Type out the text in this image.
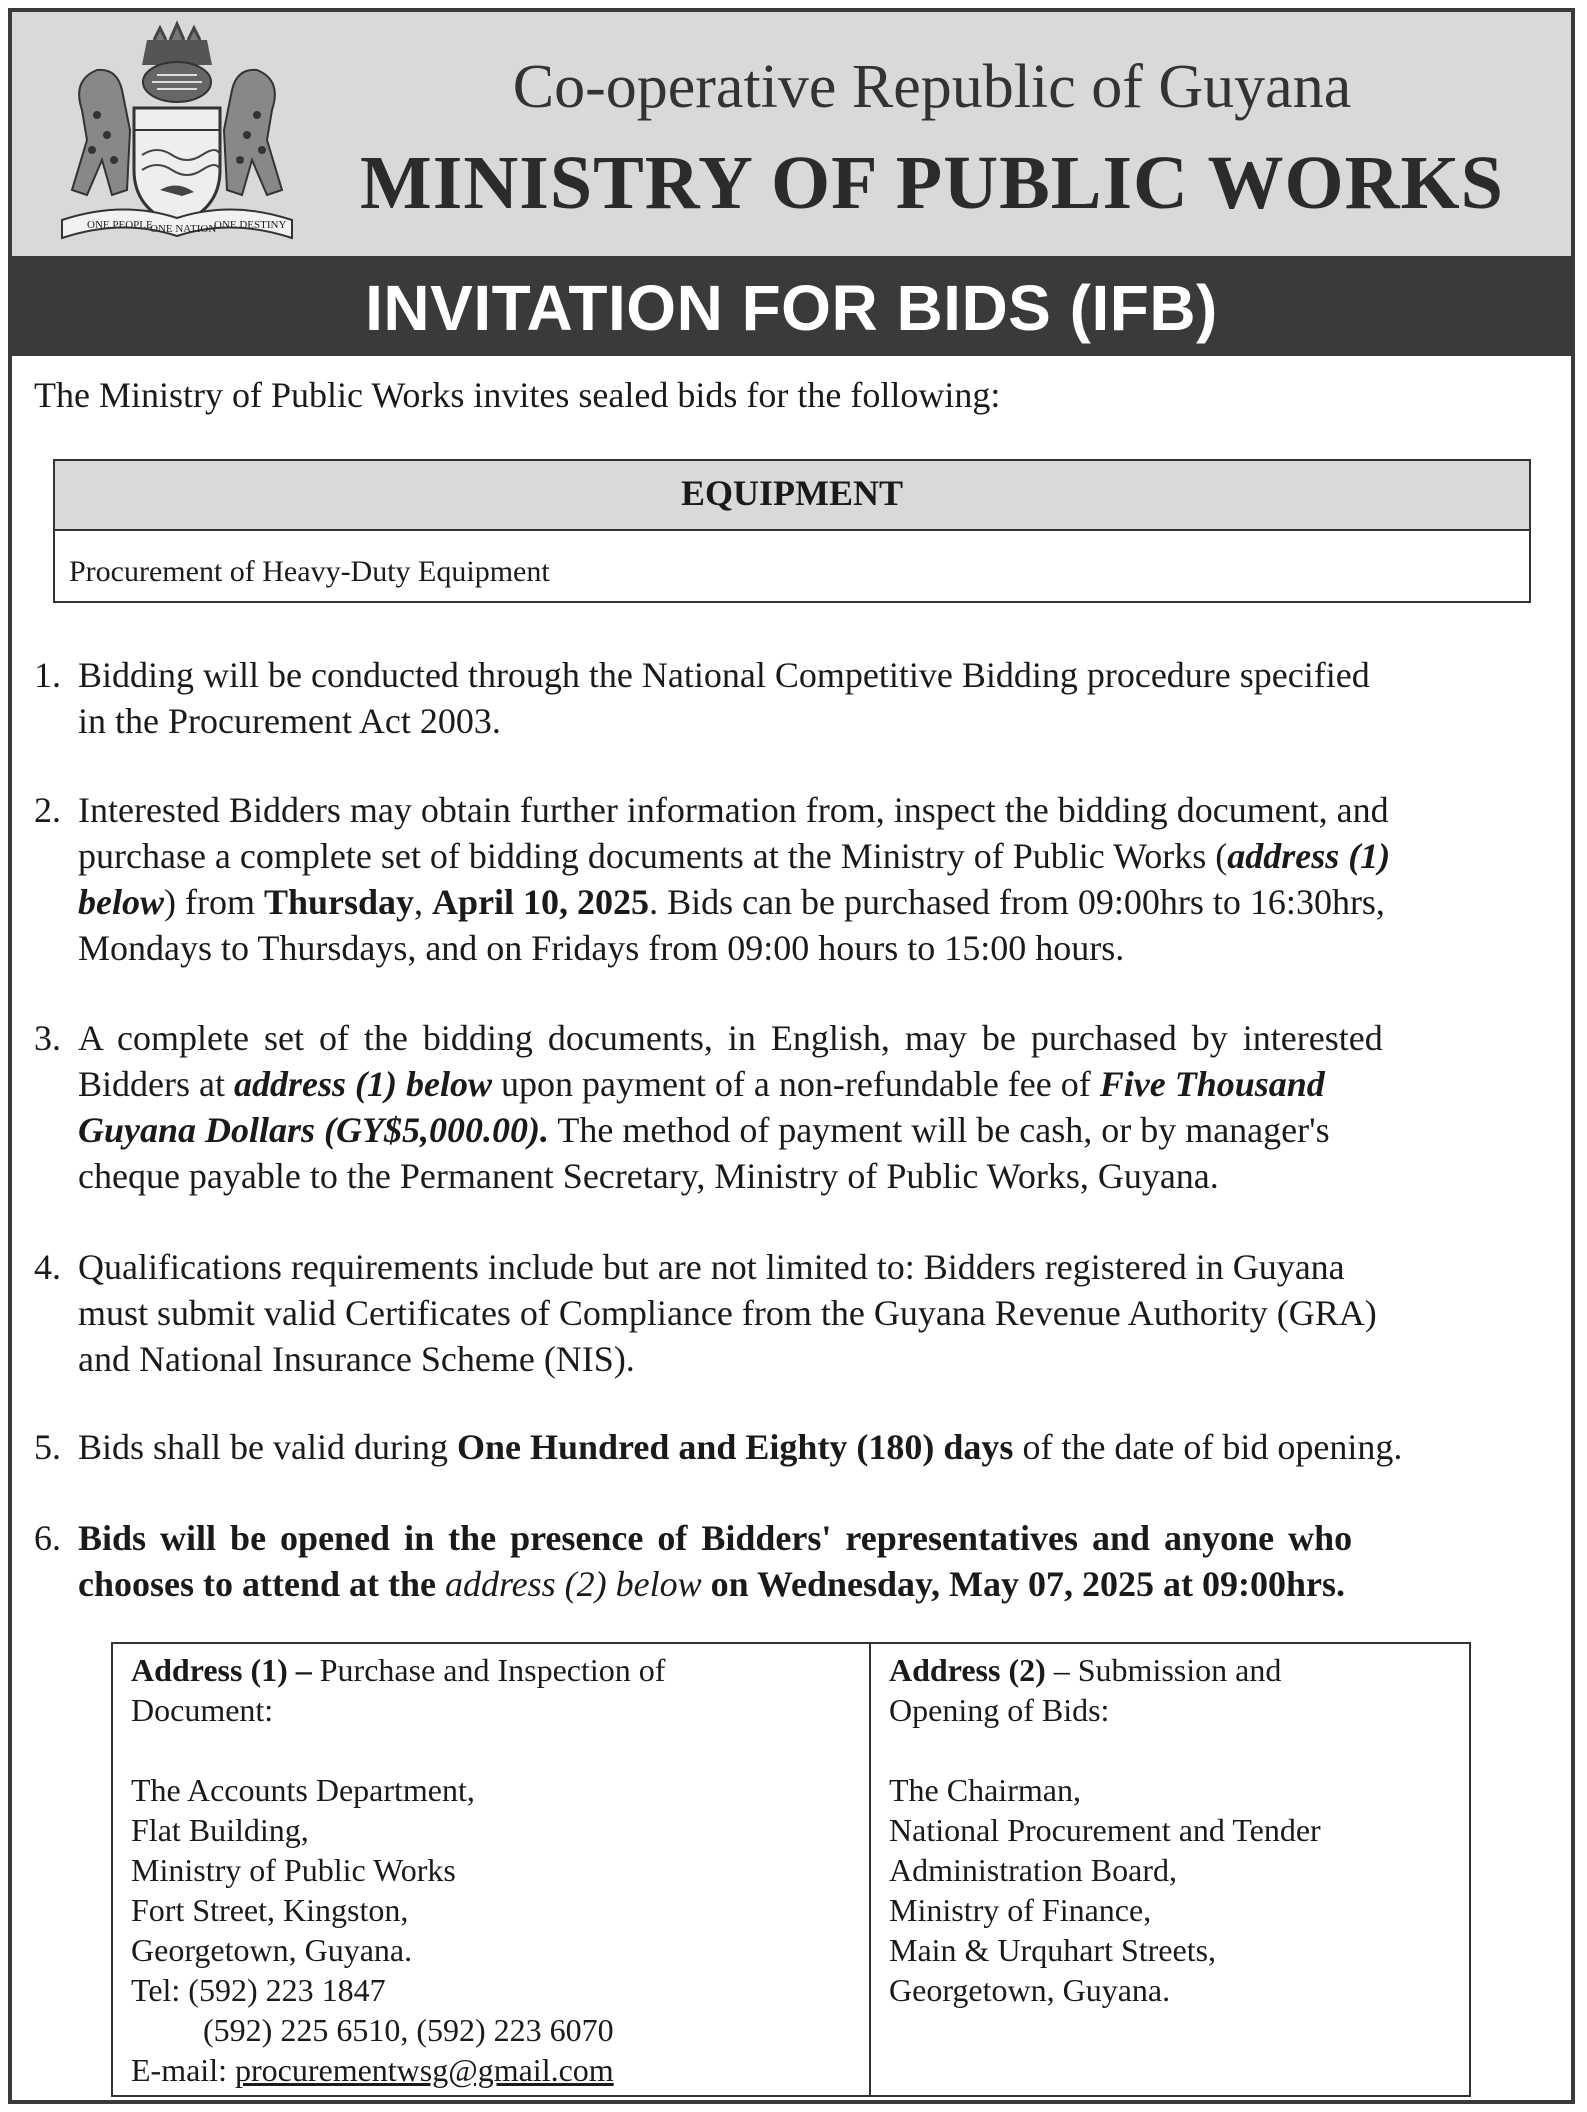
ONE PEOPLE
ONE NATION
ONE DESTINY
Co-operative Republic of Guyana
MINISTRY OF PUBLIC WORKS
INVITATION FOR BIDS (IFB)
The Ministry of Public Works invites sealed bids for the following:
EQUIPMENT
Procurement of Heavy-Duty Equipment
1. Bidding will be conducted through the National Competitive Bidding procedure specified
in the Procurement Act 2003.
2. Interested Bidders may obtain further information from, inspect the bidding document, and
purchase a complete set of bidding documents at the Ministry of Public Works (address (1)
below) from Thursday, April 10, 2025. Bids can be purchased from 09:00hrs to 16:30hrs,
Mondays to Thursdays, and on Fridays from 09:00 hours to 15:00 hours.
3. A complete set of the bidding documents, in English, may be purchased by interested
Bidders at address (1) below upon payment of a non-refundable fee of Five Thousand
Guyana Dollars (GY$5,000.00). The method of payment will be cash, or by manager's
cheque payable to the Permanent Secretary, Ministry of Public Works, Guyana.
4. Qualifications requirements include but are not limited to: Bidders registered in Guyana
must submit valid Certificates of Compliance from the Guyana Revenue Authority (GRA)
and National Insurance Scheme (NIS).
5. Bids shall be valid during One Hundred and Eighty (180) days of the date of bid opening.
6. Bids will be opened in the presence of Bidders' representatives and anyone who
chooses to attend at the address (2) below on Wednesday, May 07, 2025 at 09:00hrs.
Address (1) – Purchase and Inspection of
Document:
The Accounts Department,
Flat Building,
Ministry of Public Works
Fort Street, Kingston,
Georgetown, Guyana.
Tel: (592) 223 1847
(592) 225 6510, (592) 223 6070
E-mail: procurementwsg@gmail.com
Address (2) – Submission and
Opening of Bids:
The Chairman,
National Procurement and Tender
Administration Board,
Ministry of Finance,
Main & Urquhart Streets,
Georgetown, Guyana.
